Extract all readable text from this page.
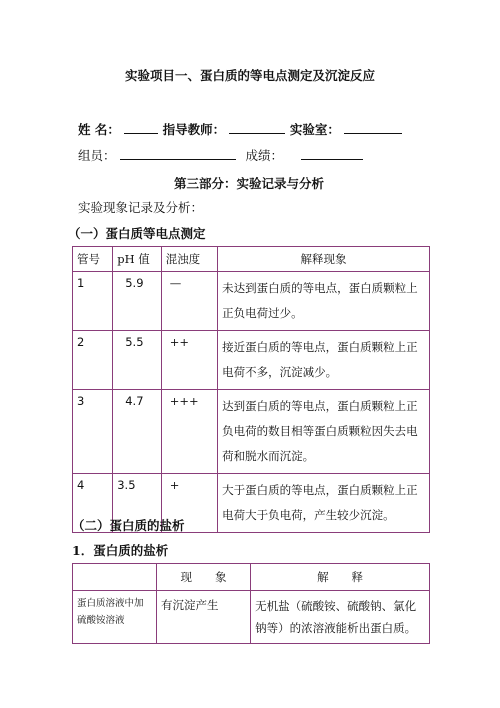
实验项目一、蛋白质的等电点测定及沉淀反应
姓 名：	指导教师：	实验室：
组员：	成绩：
第三部分：实验记录与分析
实验现象记录及分析：
（一）蛋白质等电点测定
管号	pH 值	混浊度	解释现象
1	5.9	—	未达到蛋白质的等电点，蛋白质颗粒上正负电荷过少。
2	5.5	++	接近蛋白质的等电点，蛋白质颗粒上正电荷不多，沉淀减少。
3	4.7	+++	达到蛋白质的等电点，蛋白质颗粒上正负电荷的数目相等蛋白质颗粒因失去电荷和脱水而沉淀。
4	3.5	+	大于蛋白质的等电点，蛋白质颗粒上正电荷大于负电荷，产生较少沉淀。
（二）蛋白质的盐析
1．蛋白质的盐析
	现　　象	解　　释
蛋白质溶液中加硫酸铵溶液	有沉淀产生	无机盐（硫酸铵、硫酸钠、氯化钠等）的浓溶液能析出蛋白质。
